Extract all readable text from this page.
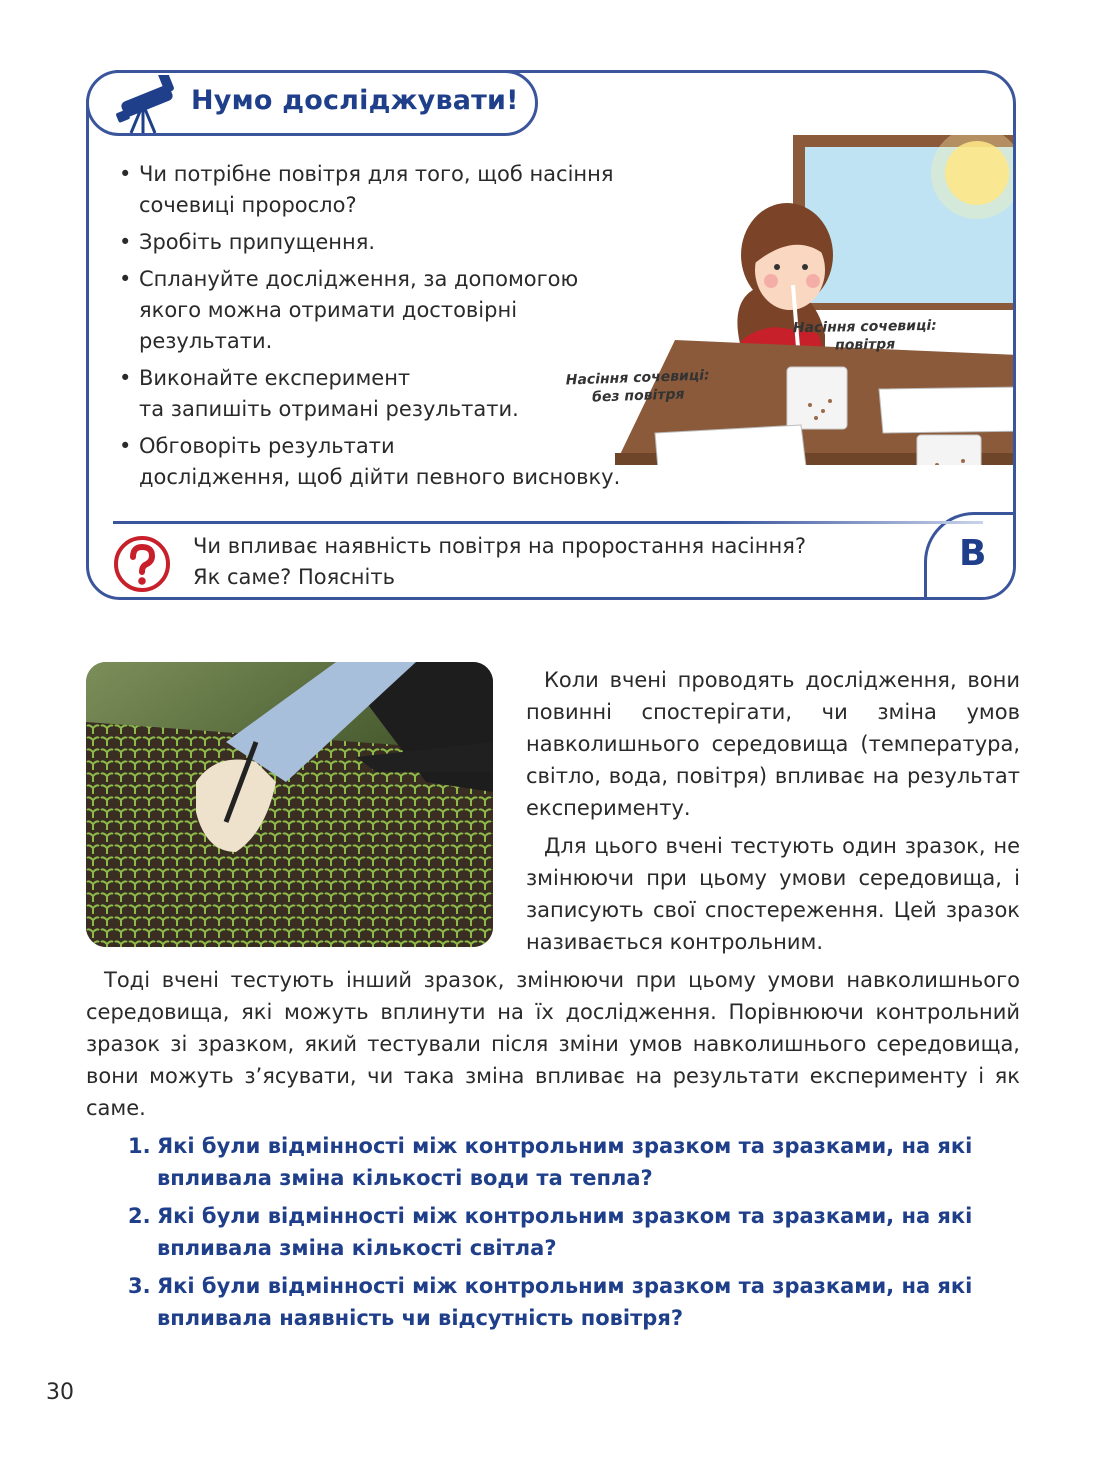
B
• Чи потрібне повітря для того, щоб насіння
сочевиці проросло?
• Зробіть припущення.
• Сплануйте дослідження, за допомогою
якого можна отримати достовірні
результати.
• Виконайте експеримент
та запишіть отримані результати.
• Обговоріть результати
дослідження, щоб дійти певного висновку.
Чи впливає наявність повітря на проростання насіння?
Як саме? Поясніть
Насіння сочевиці:
повітря
Насіння сочевиці:
без повітря
Нумо досліджувати!

Коли вчені проводять дослідження, вони повинні спостерігати, чи зміна умов навколишнього середовища (температура, світло, вода, повітря) впливає на результат експерименту.

Для цього вчені тестують один зразок, не змінюючи при цьому умови середовища, і записують свої спостереження. Цей зразок називається контрольним.

Тоді вчені тестують інший зразок, змінюючи при цьому умови навколишнього середовища, які можуть вплинути на їх дослідження. Порівнюючи контрольний зразок зі зразком, який тестували після зміни умов навколишнього середовища, вони можуть з’ясувати, чи така зміна впливає на результати експерименту і як саме.

1. Які були відмінності між контрольним зразком та зразками, на які впливала зміна кількості води та тепла?
2. Які були відмінності між контрольним зразком та зразками, на які впливала зміна кількості світла?
3. Які були відмінності між контрольним зразком та зразками, на які впливала наявність чи відсутність повітря?
30
